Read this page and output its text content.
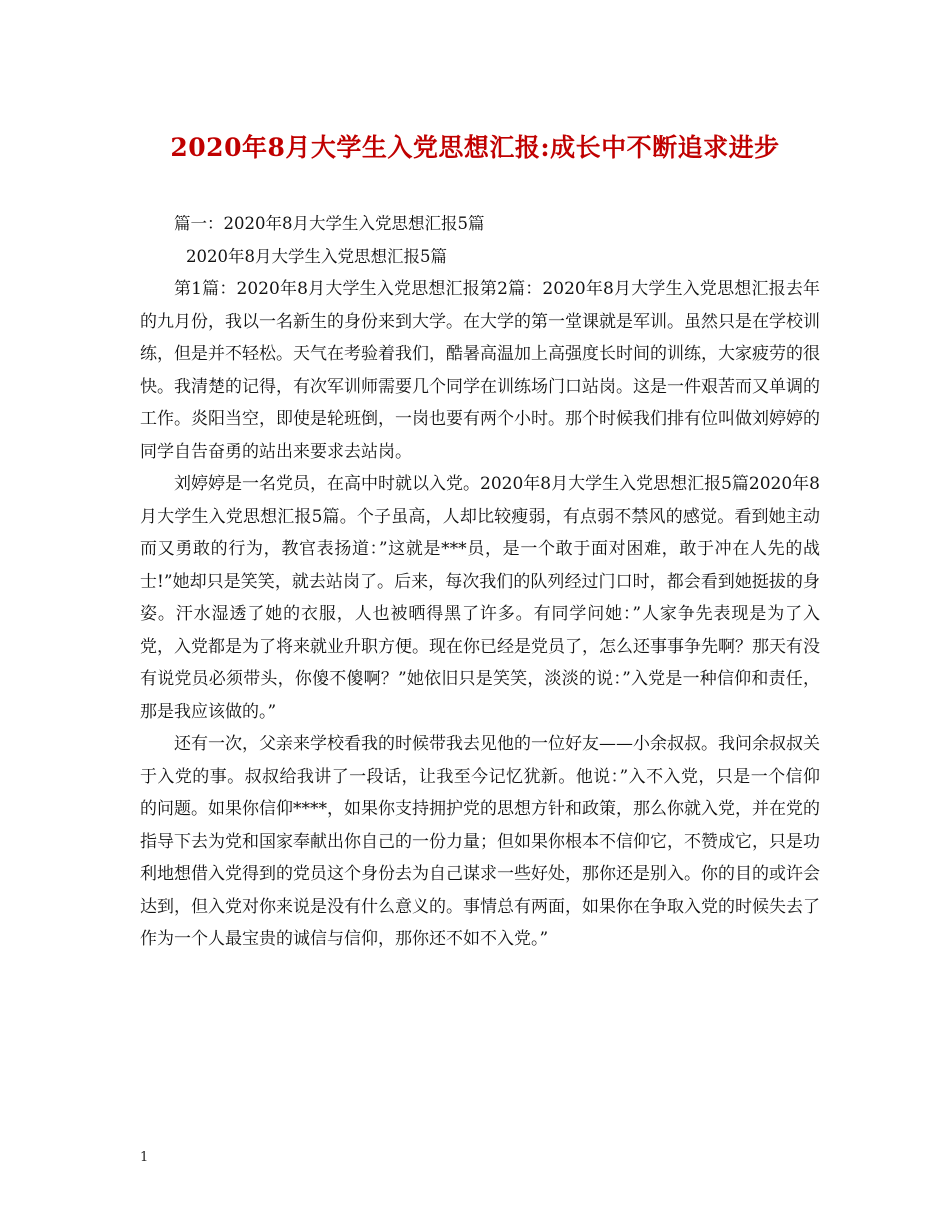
2020年8月大学生入党思想汇报:成长中不断追求进步
篇一：2020年8月大学生入党思想汇报5篇
2020年8月大学生入党思想汇报5篇

第1篇：2020年8月大学生入党思想汇报第2篇：2020年8月大学生入党思想汇报去年的九月份，我以一名新生的身份来到大学。在大学的第一堂课就是军训。虽然只是在学校训练，但是并不轻松。天气在考验着我们，酷暑高温加上高强度长时间的训练，大家疲劳的很快。我清楚的记得，有次军训师需要几个同学在训练场门口站岗。这是一件艰苦而又单调的工作。炎阳当空，即使是轮班倒，一岗也要有两个小时。那个时候我们排有位叫做刘婷婷的同学自告奋勇的站出来要求去站岗。

刘婷婷是一名党员，在高中时就以入党。2020年8月大学生入党思想汇报5篇2020年8月大学生入党思想汇报5篇。个子虽高，人却比较瘦弱，有点弱不禁风的感觉。看到她主动而又勇敢的行为，教官表扬道：”这就是***员，是一个敢于面对困难，敢于冲在人先的战士!”她却只是笑笑，就去站岗了。后来，每次我们的队列经过门口时，都会看到她挺拔的身姿。汗水湿透了她的衣服，人也被晒得黑了许多。有同学问她：”人家争先表现是为了入党，入党都是为了将来就业升职方便。现在你已经是党员了，怎么还事事争先啊？那天有没有说党员必须带头，你傻不傻啊？”她依旧只是笑笑，淡淡的说：”入党是一种信仰和责任，那是我应该做的。”

还有一次，父亲来学校看我的时候带我去见他的一位好友——小余叔叔。我问余叔叔关于入党的事。叔叔给我讲了一段话，让我至今记忆犹新。他说：”入不入党，只是一个信仰的问题。如果你信仰****，如果你支持拥护党的思想方针和政策，那么你就入党，并在党的指导下去为党和国家奉献出你自己的一份力量；但如果你根本不信仰它，不赞成它，只是功利地想借入党得到的党员这个身份去为自己谋求一些好处，那你还是别入。你的目的或许会达到，但入党对你来说是没有什么意义的。事情总有两面，如果你在争取入党的时候失去了作为一个人最宝贵的诚信与信仰，那你还不如不入党。”

1
